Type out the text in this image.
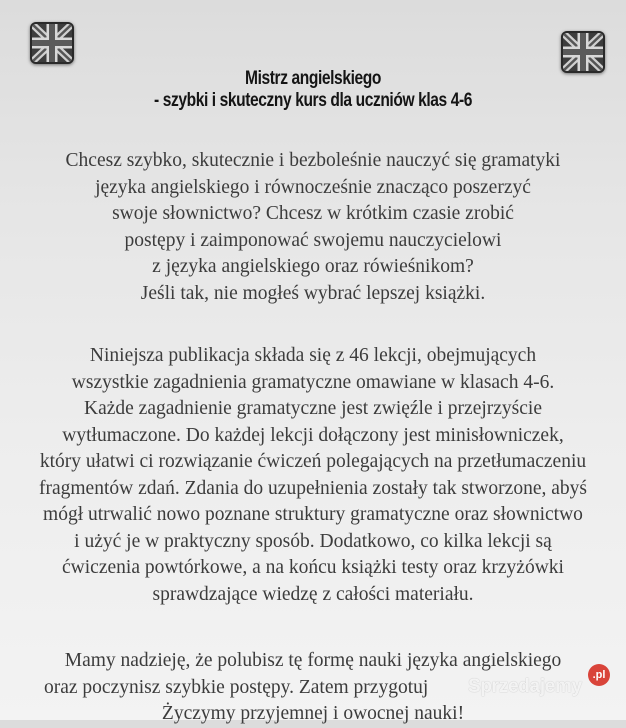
Mistrz angielskiego
- szybki i skuteczny kurs dla uczniów klas 4-6
Chcesz szybko, skutecznie i bezboleśnie nauczyć się gramatyki
języka angielskiego i równocześnie znacząco poszerzyć
swoje słownictwo? Chcesz w krótkim czasie zrobić
postępy i zaimponować swojemu nauczycielowi
z języka angielskiego oraz rówieśnikom?
Jeśli tak, nie mogłeś wybrać lepszej książki.
Niniejsza publikacja składa się z 46 lekcji, obejmujących
wszystkie zagadnienia gramatyczne omawiane w klasach 4-6.
Każde zagadnienie gramatyczne jest zwięźle i przejrzyście
wytłumaczone. Do każdej lekcji dołączony jest minisłowniczek,
który ułatwi ci rozwiązanie ćwiczeń polegających na przetłumaczeniu
fragmentów zdań. Zdania do uzupełnienia zostały tak stworzone, abyś
mógł utrwalić nowo poznane struktury gramatyczne oraz słownictwo
i użyć je w praktyczny sposób. Dodatkowo, co kilka lekcji są
ćwiczenia powtórkowe, a na końcu książki testy oraz krzyżówki
sprawdzające wiedzę z całości materiału.
Mamy nadzieję, że polubisz tę formę nauki języka angielskiego
oraz poczynisz szybkie postępy. Zatem przygotuj
Życzymy przyjemnej i owocnej nauki!
Sprzedajemy
.pl
